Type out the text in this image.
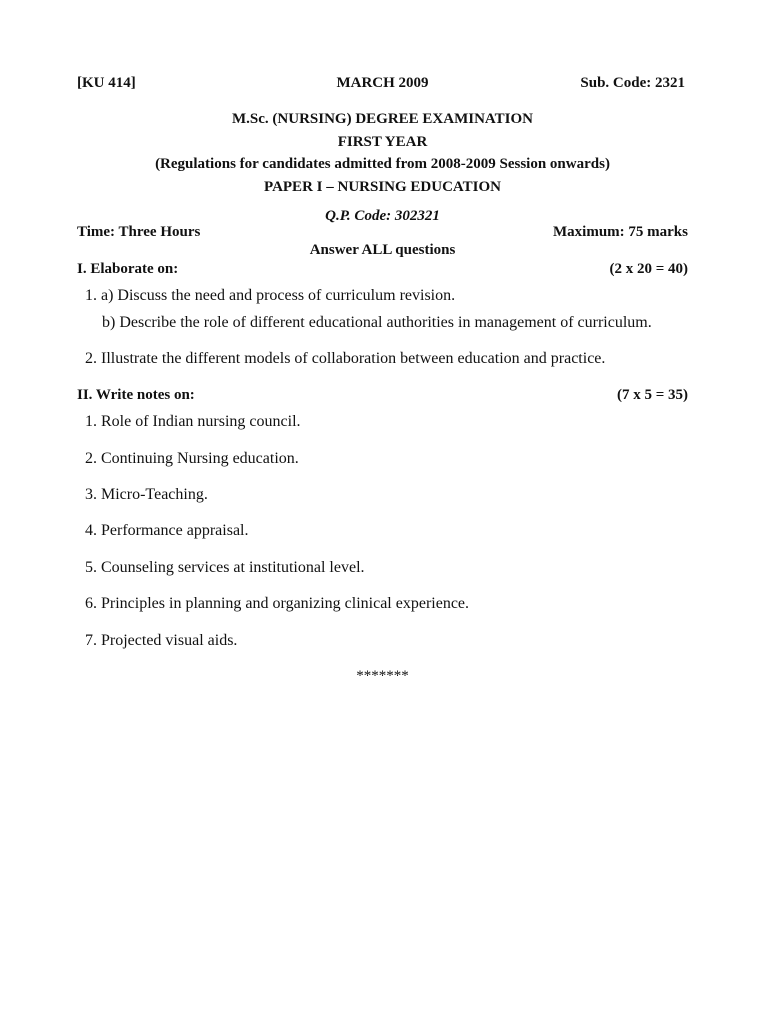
[KU 414]	MARCH 2009	Sub. Code: 2321
M.Sc. (NURSING) DEGREE EXAMINATION
FIRST YEAR
(Regulations for candidates admitted from 2008-2009 Session onwards)
PAPER I – NURSING EDUCATION
Q.P. Code: 302321
Time: Three Hours	Maximum: 75 marks
Answer ALL questions
I. Elaborate on:	(2 x 20 = 40)
1. a) Discuss the need and process of curriculum revision.
b) Describe the role of different educational authorities in management of curriculum.
2. Illustrate the different models of collaboration between education and practice.
II. Write notes on:	(7 x 5 = 35)
1. Role of Indian nursing council.
2. Continuing Nursing education.
3. Micro-Teaching.
4. Performance appraisal.
5. Counseling services at institutional level.
6. Principles in planning and organizing clinical experience.
7. Projected visual aids.
*******
